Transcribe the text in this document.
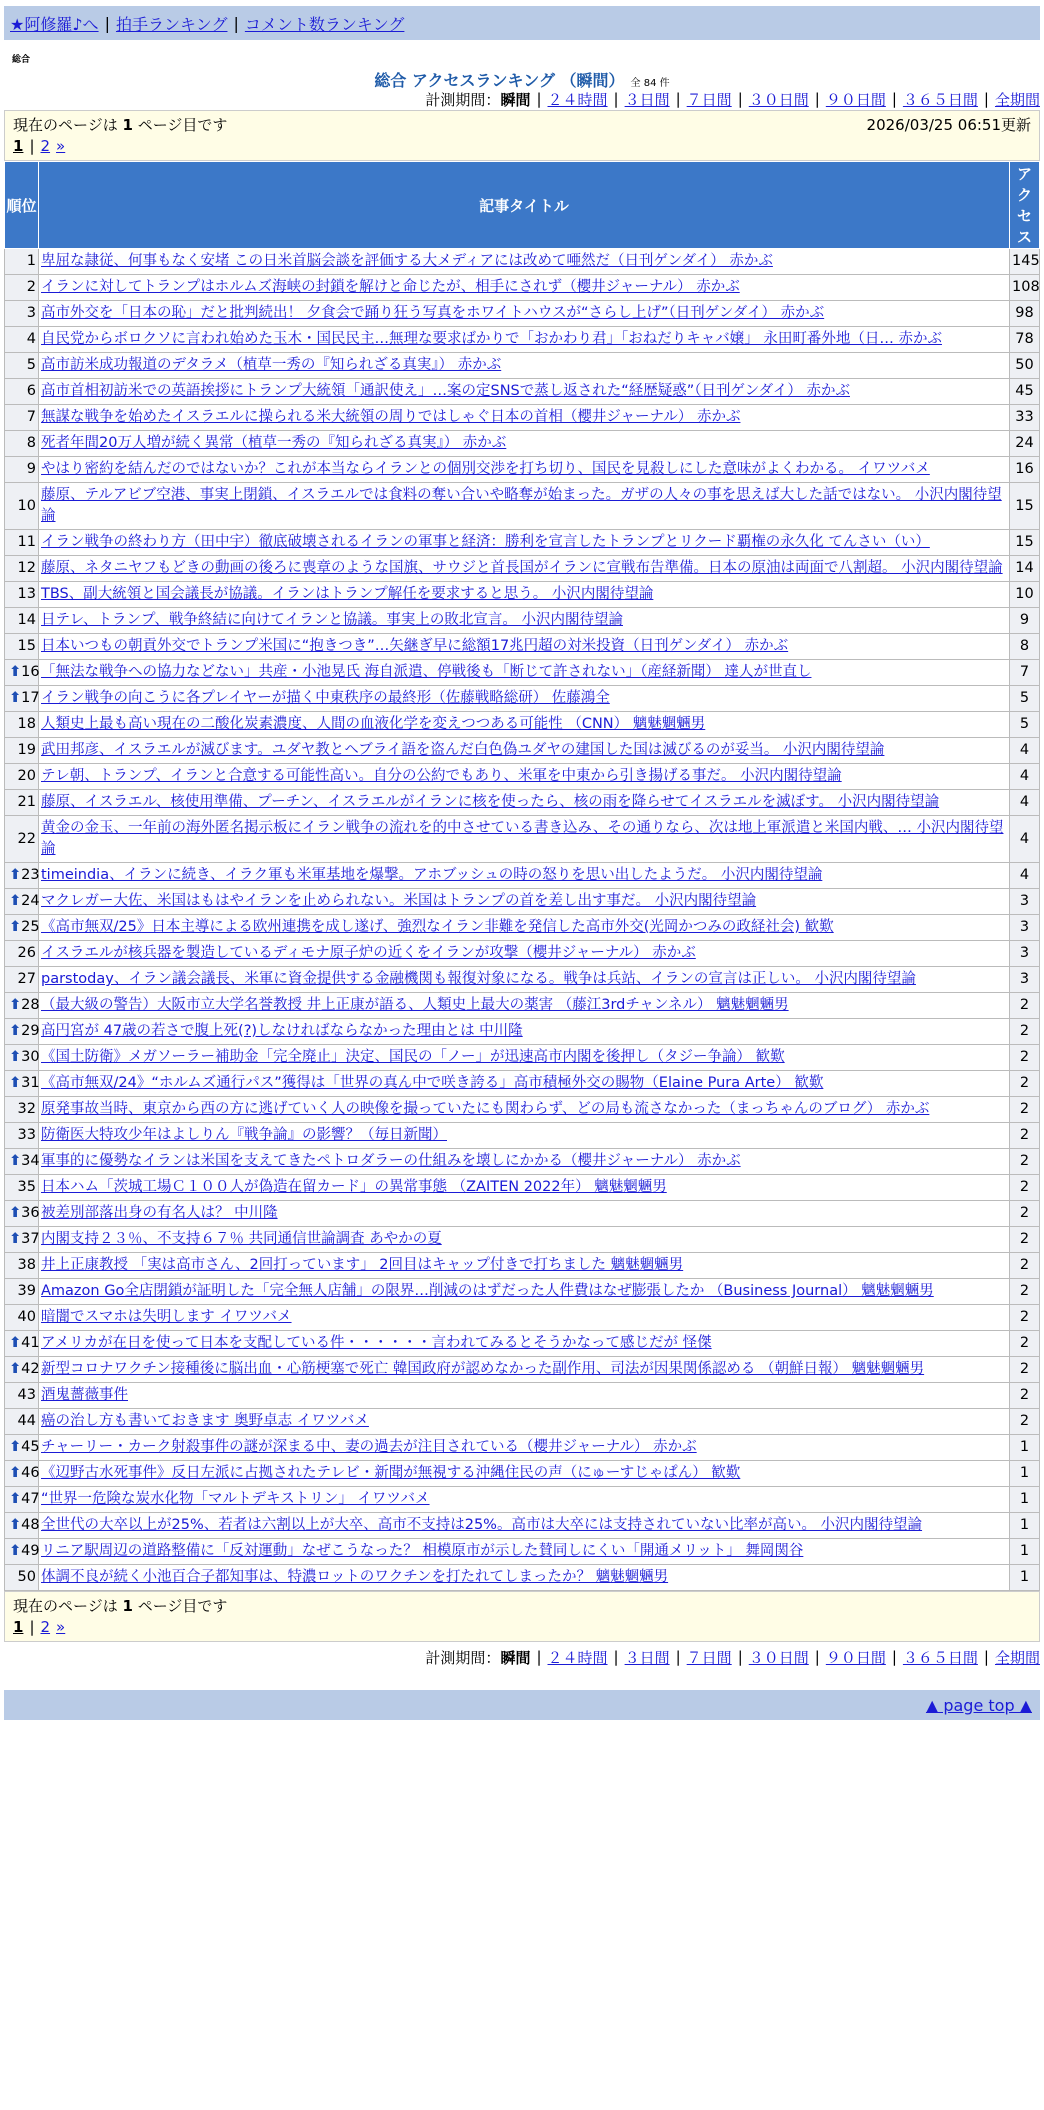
★阿修羅♪へ | 拍手ランキング | コメント数ランキング
総合
総合 アクセスランキング （瞬間） 全 84 件
計測期間： 瞬間 | ２４時間 | ３日間 | ７日間 | ３０日間 | ９０日間 | ３６５日間 | 全期間
現在のページは 1 ページ目です	2026/03/25 06:51更新
1 | 2 »
順位	記事タイトル	アクセス
1	卑屈な隷従、何事もなく安堵 この日米首脳会談を評価する大メディアには改めて唖然だ（日刊ゲンダイ） 赤かぶ	145
2	イランに対してトランプはホルムズ海峡の封鎖を解けと命じたが、相手にされず（櫻井ジャーナル） 赤かぶ	108
3	高市外交を「日本の恥」だと批判続出！ 夕食会で踊り狂う写真をホワイトハウスが“さらし上げ”（日刊ゲンダイ） 赤かぶ	98
4	自民党からボロクソに言われ始めた玉木・国民民主…無理な要求ばかりで「おかわり君」「おねだりキャバ嬢」 永田町番外地（日… 赤かぶ	78
5	高市訪米成功報道のデタラメ（植草一秀の『知られざる真実』） 赤かぶ	50
6	高市首相初訪米での英語挨拶にトランプ大統領「通訳使え」…案の定SNSで蒸し返された“経歴疑惑”（日刊ゲンダイ） 赤かぶ	45
7	無謀な戦争を始めたイスラエルに操られる米大統領の周りではしゃぐ日本の首相（櫻井ジャーナル） 赤かぶ	33
8	死者年間20万人増が続く異常（植草一秀の『知られざる真実』） 赤かぶ	24
9	やはり密約を結んだのではないか？これが本当ならイランとの個別交渉を打ち切り、国民を見殺しにした意味がよくわかる。 イワツバメ	16
10	藤原、テルアビブ空港、事実上閉鎖、イスラエルでは食料の奪い合いや略奪が始まった。ガザの人々の事を思えば大した話ではない。 小沢内閣待望論	15
11	イラン戦争の終わり方（田中宇）徹底破壊されるイランの軍事と経済：勝利を宣言したトランプとリクード覇権の永久化 てんさい（い）	15
12	藤原、ネタニヤフもどきの動画の後ろに喪章のような国旗、サウジと首長国がイランに宣戦布告準備。日本の原油は両面で八割超。 小沢内閣待望論	14
13	TBS、副大統領と国会議長が協議。イランはトランプ解任を要求すると思う。 小沢内閣待望論	10
14	日テレ、トランプ、戦争終結に向けてイランと協議。事実上の敗北宣言。 小沢内閣待望論	9
15	日本いつもの朝貢外交でトランプ米国に“抱きつき”…矢継ぎ早に総額17兆円超の対米投資（日刊ゲンダイ） 赤かぶ	8

⬆ 16	「無法な戦争への協力などない」共産・小池晃氏 海自派遣、停戦後も「断じて許されない」（産経新聞） 達人が世直し	7

⬆ 17	イラン戦争の向こうに各プレイヤーが描く中東秩序の最終形（佐藤戦略総研） 佐藤鴻全	5
18	人類史上最も高い現在の二酸化炭素濃度、人間の血液化学を変えつつある可能性 （CNN） 魑魅魍魎男	5
19	武田邦彦、イスラエルが滅びます。ユダヤ教とヘブライ語を盗んだ白色偽ユダヤの建国した国は滅びるのが妥当。 小沢内閣待望論	4
20	テレ朝、トランプ、イランと合意する可能性高い。自分の公約でもあり、米軍を中東から引き揚げる事だ。 小沢内閣待望論	4
21	藤原、イスラエル、核使用準備、プーチン、イスラエルがイランに核を使ったら、核の雨を降らせてイスラエルを滅ぼす。 小沢内閣待望論	4
22	黄金の金玉、一年前の海外匿名掲示板にイラン戦争の流れを的中させている書き込み、その通りなら、次は地上軍派遣と米国内戦、… 小沢内閣待望論	4

⬆ 23	timeindia、イランに続き、イラク軍も米軍基地を爆撃。アホブッシュの時の怒りを思い出したようだ。 小沢内閣待望論	4

⬆ 24	マクレガー大佐、米国はもはやイランを止められない。米国はトランプの首を差し出す事だ。 小沢内閣待望論	3

⬆ 25	《高市無双/25》日本主導による欧州連携を成し遂げ、強烈なイラン非難を発信した高市外交(光岡かつみの政経社会) 歓歎	3
26	イスラエルが核兵器を製造しているディモナ原子炉の近くをイランが攻撃（櫻井ジャーナル） 赤かぶ	3
27	parstoday、イラン議会議長、米軍に資金提供する金融機関も報復対象になる。戦争は兵站、イランの宣言は正しい。 小沢内閣待望論	3

⬆ 28	（最大級の警告）大阪市立大学名誉教授 井上正康が語る、人類史上最大の薬害 （藤江3rdチャンネル） 魑魅魍魎男	2

⬆ 29	高円宮が 47歳の若さで腹上死(?)しなければならなかった理由とは 中川隆	2

⬆ 30	《国土防衛》メガソーラー補助金「完全廃止」決定、国民の「ノー」が迅速高市内閣を後押し（タジー争論） 歓歎	2

⬆ 31	《高市無双/24》“ホルムズ通行パス”獲得は「世界の真ん中で咲き誇る」高市積極外交の賜物（Elaine Pura Arte） 歓歎	2
32	原発事故当時、東京から西の方に逃げていく人の映像を撮っていたにも関わらず、どの局も流さなかった（まっちゃんのブログ） 赤かぶ	2
33	防衛医大特攻少年はよしりん『戦争論』の影響？（毎日新聞）	2

⬆ 34	軍事的に優勢なイランは米国を支えてきたペトロダラーの仕組みを壊しにかかる（櫻井ジャーナル） 赤かぶ	2
35	日本ハム「茨城工場Ｃ１００人が偽造在留カード」の異常事態 （ZAITEN 2022年） 魑魅魍魎男	2

⬆ 36	被差別部落出身の有名人は？ 中川隆	2

⬆ 37	内閣支持２３％、不支持６７％ 共同通信世論調査 あやかの夏	2
38	井上正康教授 「実は高市さん、2回打っています」 2回目はキャップ付きで打ちました 魑魅魍魎男	2
39	Amazon Go全店閉鎖が証明した「完全無人店舗」の限界…削減のはずだった人件費はなぜ膨張したか （Business Journal） 魑魅魍魎男	2
40	暗闇でスマホは失明します イワツバメ	2

⬆ 41	アメリカが在日を使って日本を支配している件・・・・・・言われてみるとそうかなって感じだが 怪傑	2

⬆ 42	新型コロナワクチン接種後に脳出血・心筋梗塞で死亡 韓国政府が認めなかった副作用、司法が因果関係認める （朝鮮日報） 魑魅魍魎男	2
43	酒鬼薔薇事件	2
44	癌の治し方も書いておきます 奥野卓志 イワツバメ	2

⬆ 45	チャーリー・カーク射殺事件の謎が深まる中、妻の過去が注目されている（櫻井ジャーナル） 赤かぶ	1

⬆ 46	《辺野古水死事件》反日左派に占拠されたテレビ・新聞が無視する沖縄住民の声（にゅーすじゃぱん） 歓歎	1

⬆ 47	“世界一危険な炭水化物「マルトデキストリン」 イワツバメ	1

⬆ 48	全世代の大卒以上が25%、若者は六割以上が大卒、高市不支持は25%。高市は大卒には支持されていない比率が高い。 小沢内閣待望論	1

⬆ 49	リニア駅周辺の道路整備に「反対運動」なぜこうなった？ 相模原市が示した賛同しにくい「開通メリット」 舞岡関谷	1
50	体調不良が続く小池百合子都知事は、特濃ロットのワクチンを打たれてしまったか？ 魑魅魍魎男	1
現在のページは 1 ページ目です
1 | 2 »
計測期間： 瞬間 | ２４時間 | ３日間 | ７日間 | ３０日間 | ９０日間 | ３６５日間 | 全期間
▲ page top ▲
